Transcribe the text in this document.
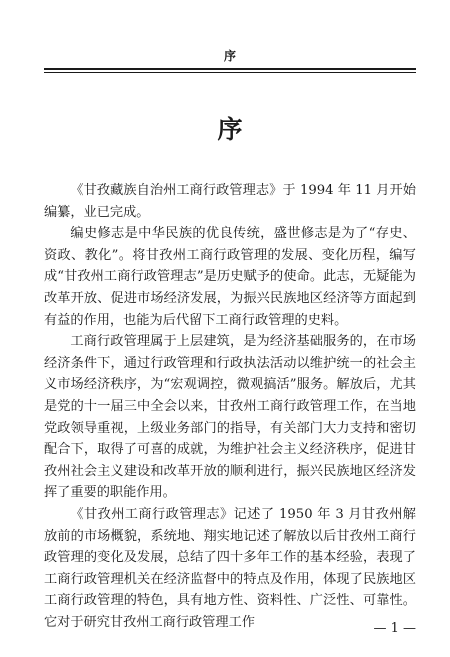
序
序

《甘孜藏族自治州工商行政管理志》于 1994 年 11 月开始编纂，业已完成。

编史修志是中华民族的优良传统，盛世修志是为了“存史、资政、教化”。将甘孜州工商行政管理的发展、变化历程，编写成“甘孜州工商行政管理志”是历史赋予的使命。此志，无疑能为改革开放、促进市场经济发展，为振兴民族地区经济等方面起到有益的作用，也能为后代留下工商行政管理的史料。

工商行政管理属于上层建筑，是为经济基础服务的，在市场经济条件下，通过行政管理和行政执法活动以维护统一的社会主义市场经济秩序，为“宏观调控，微观搞活”服务。解放后，尤其是党的十一届三中全会以来，甘孜州工商行政管理工作，在当地党政领导重视，上级业务部门的指导，有关部门大力支持和密切配合下，取得了可喜的成就，为维护社会主义经济秩序，促进甘孜州社会主义建设和改革开放的顺利进行，振兴民族地区经济发挥了重要的职能作用。

《甘孜州工商行政管理志》记述了 1950 年 3 月甘孜州解放前的市场概貌，系统地、翔实地记述了解放以后甘孜州工商行政管理的变化及发展，总结了四十多年工作的基本经验，表现了工商行政管理机关在经济监督中的特点及作用，体现了民族地区工商行政管理的特色，具有地方性、资料性、广泛性、可靠性。它对于研究甘孜州工商行政管理工作	— 1 —
